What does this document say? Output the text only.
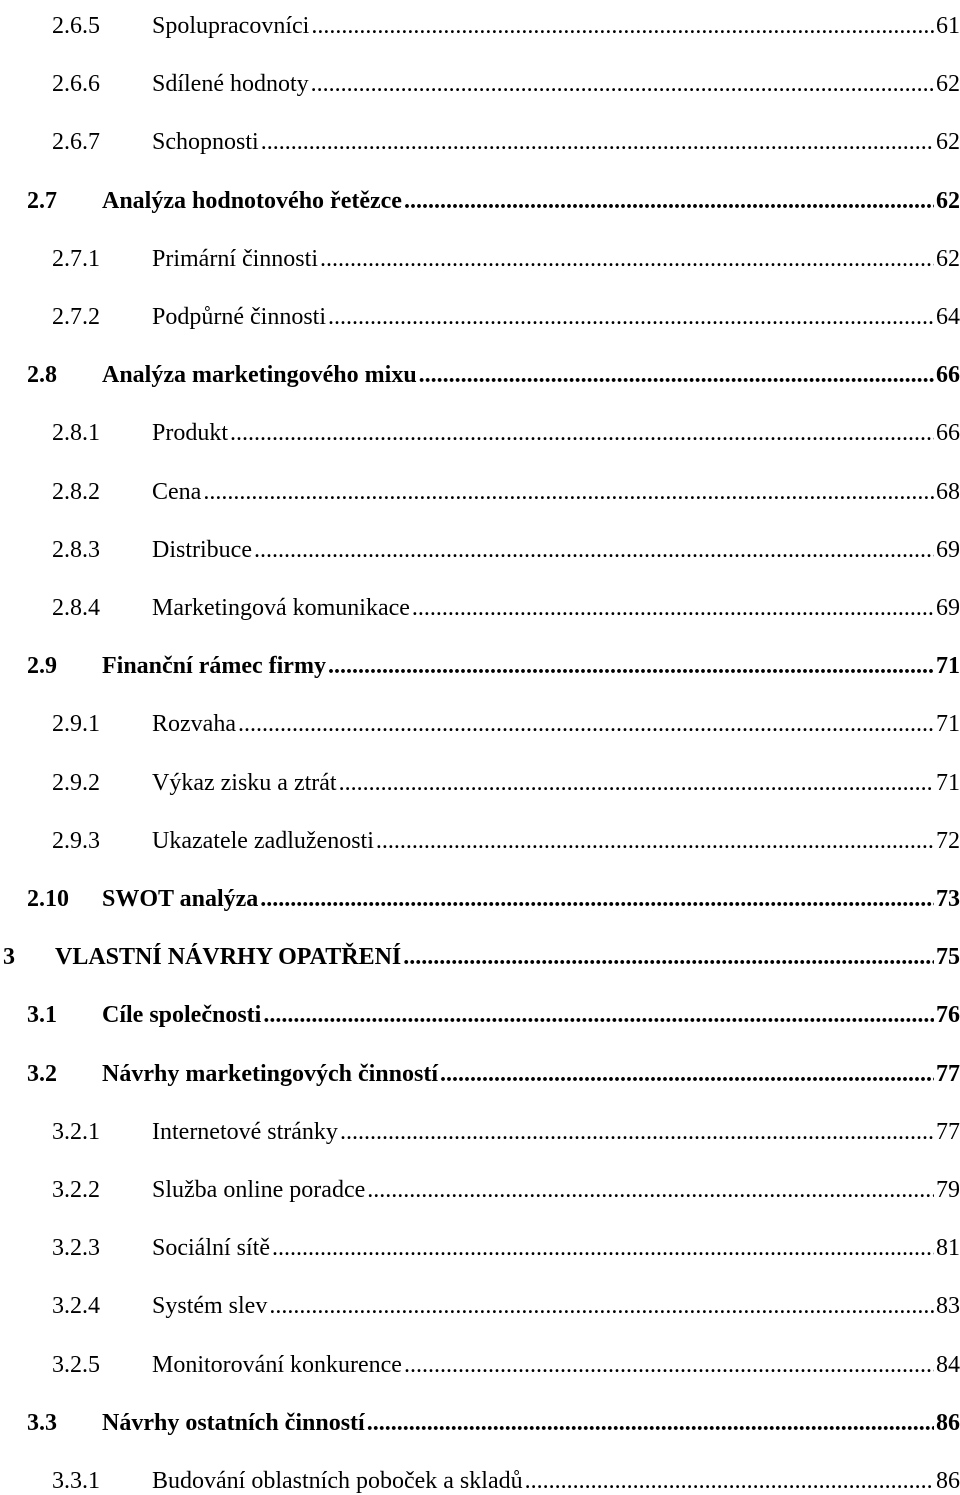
2.6.5	Spolupracovníci .....	61
2.6.6	Sdílené hodnoty .....	62
2.6.7	Schopnosti .....	62
2.7	Analýza hodnotového řetězce .....	62
2.7.1	Primární činnosti .....	62
2.7.2	Podpůrné činnosti .....	64
2.8	Analýza marketingového mixu .....	66
2.8.1	Produkt .....	66
2.8.2	Cena .....	68
2.8.3	Distribuce .....	69
2.8.4	Marketingová komunikace .....	69
2.9	Finanční rámec firmy .....	71
2.9.1	Rozvaha .....	71
2.9.2	Výkaz zisku a ztrát .....	71
2.9.3	Ukazatele zadluženosti .....	72
2.10	SWOT analýza .....	73
3	VLASTNÍ NÁVRHY OPATŘENÍ .....	75
3.1	Cíle společnosti .....	76
3.2	Návrhy marketingových činností .....	77
3.2.1	Internetové stránky .....	77
3.2.2	Služba online poradce .....	79
3.2.3	Sociální sítě .....	81
3.2.4	Systém slev .....	83
3.2.5	Monitorování konkurence .....	84
3.3	Návrhy ostatních činností .....	86
3.3.1	Budování oblastních poboček a skladů .....	86
